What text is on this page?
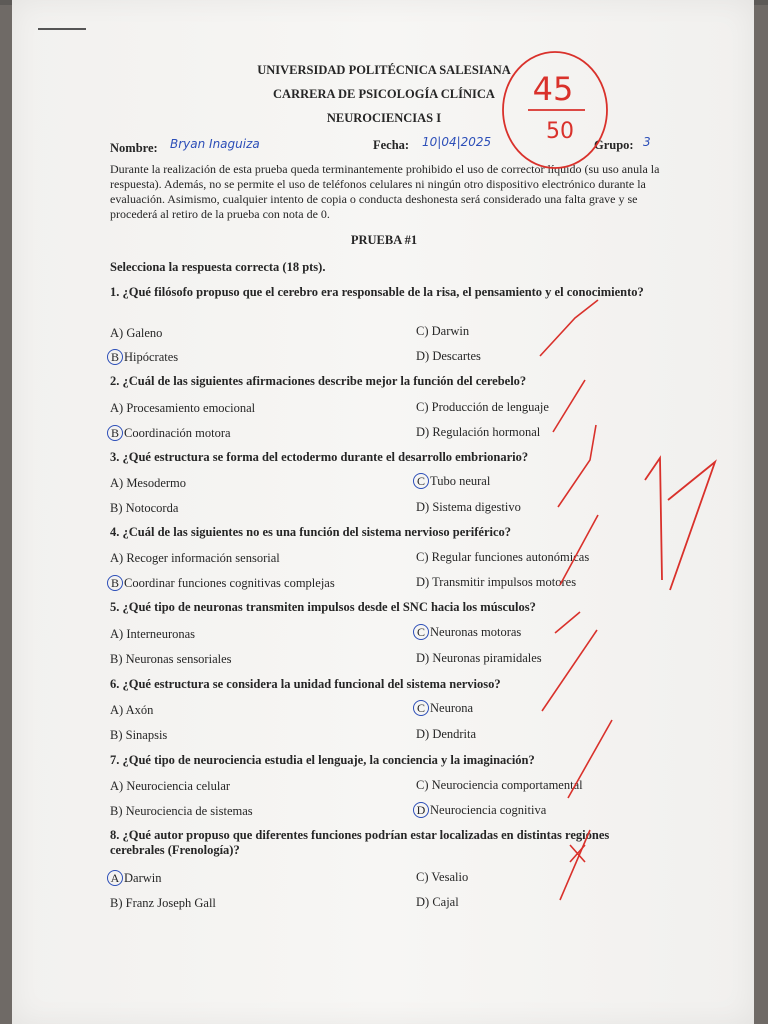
UNIVERSIDAD POLITÉCNICA SALESIANA
CARRERA DE PSICOLOGÍA CLÍNICA
NEUROCIENCIAS I
Nombre: Bryan Inaguiza	Fecha: 10|04|2025	Grupo: 3
Durante la realización de esta prueba queda terminantemente prohibido el uso de corrector líquido (su uso anula la respuesta). Además, no se permite el uso de teléfonos celulares ni ningún otro dispositivo electrónico durante la evaluación. Asimismo, cualquier intento de copia o conducta deshonesta será considerado una falta grave y se procederá al retiro de la prueba con nota de 0.
PRUEBA #1
Selecciona la respuesta correcta (18 pts).
1. ¿Qué filósofo propuso que el cerebro era responsable de la risa, el pensamiento y el conocimiento?
A) Galeno
B Hipócrates
C) Darwin
D) Descartes
2. ¿Cuál de las siguientes afirmaciones describe mejor la función del cerebelo?
A) Procesamiento emocional
B Coordinación motora
C) Producción de lenguaje
D) Regulación hormonal
3. ¿Qué estructura se forma del ectodermo durante el desarrollo embrionario?
A) Mesodermo
B) Notocorda
C Tubo neural
D) Sistema digestivo
4. ¿Cuál de las siguientes no es una función del sistema nervioso periférico?
A) Recoger información sensorial
B Coordinar funciones cognitivas complejas
C) Regular funciones autonómicas
D) Transmitir impulsos motores
5. ¿Qué tipo de neuronas transmiten impulsos desde el SNC hacia los músculos?
A) Interneuronas
B) Neuronas sensoriales
C Neuronas motoras
D) Neuronas piramidales
6. ¿Qué estructura se considera la unidad funcional del sistema nervioso?
A) Axón
B) Sinapsis
C Neurona
D) Dendrita
7. ¿Qué tipo de neurociencia estudia el lenguaje, la conciencia y la imaginación?
A) Neurociencia celular
B) Neurociencia de sistemas
C) Neurociencia comportamental
D Neurociencia cognitiva
8. ¿Qué autor propuso que diferentes funciones podrían estar localizadas en distintas regiones cerebrales (Frenología)?
A Darwin
B) Franz Joseph Gall
C) Vesalio
D) Cajal
45
50
